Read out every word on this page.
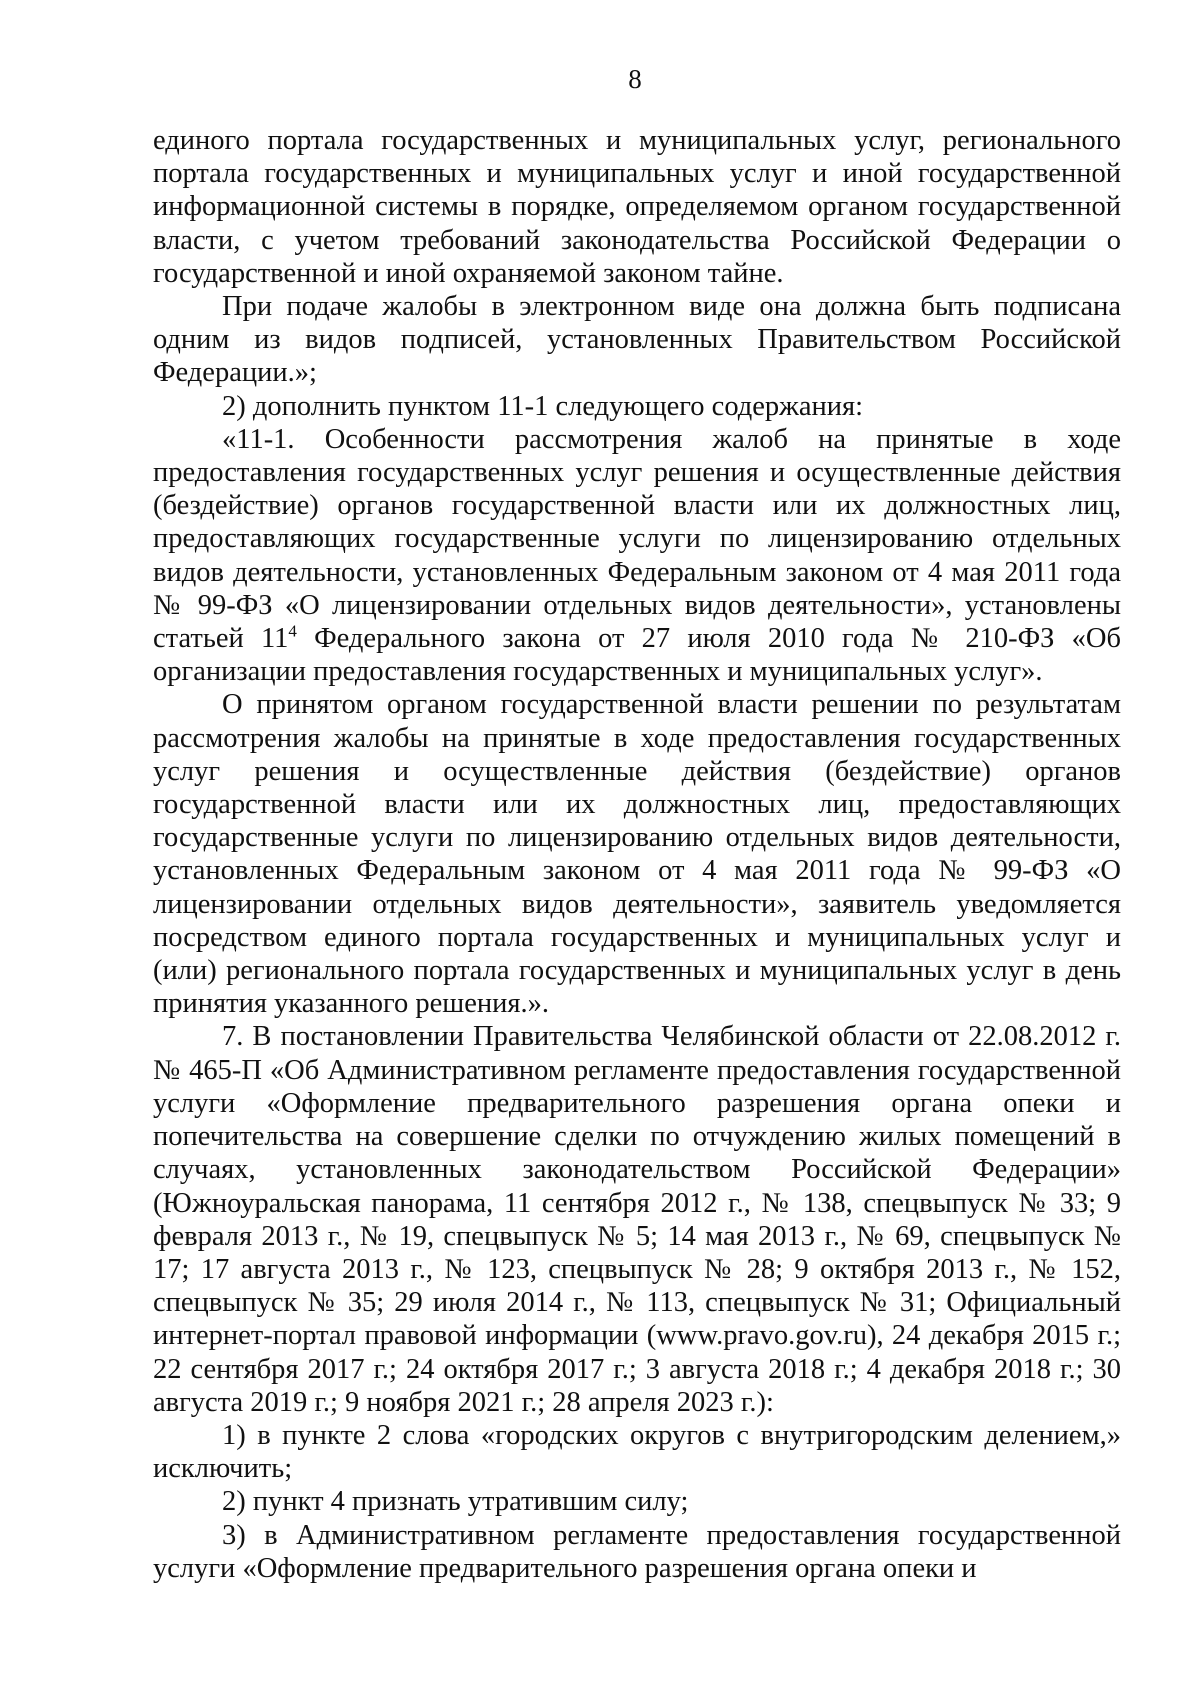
8

единого портала государственных и муниципальных услуг, регионального портала государственных и муниципальных услуг и иной государственной информационной системы в порядке, определяемом органом государственной власти, с учетом требований законодательства Российской Федерации о государственной и иной охраняемой законом тайне.

При подаче жалобы в электронном виде она должна быть подписана одним из видов подписей, установленных Правительством Российской Федерации.»;

2) дополнить пунктом 11-1 следующего содержания:

«11-1. Особенности рассмотрения жалоб на принятые в ходе предоставления государственных услуг решения и осуществленные действия (бездействие) органов государственной власти или их должностных лиц, предоставляющих государственные услуги по лицензированию отдельных видов деятельности, установленных Федеральным законом от 4 мая 2011 года № 99-ФЗ «О лицензировании отдельных видов деятельности», установлены статьей $11^4$ Федерального закона от 27 июля 2010 года № 210-ФЗ «Об организации предоставления государственных и муниципальных услуг».

О принятом органом государственной власти решении по результатам рассмотрения жалобы на принятые в ходе предоставления государственных услуг решения и осуществленные действия (бездействие) органов государственной власти или их должностных лиц, предоставляющих государственные услуги по лицензированию отдельных видов деятельности, установленных Федеральным законом от 4 мая 2011 года № 99-ФЗ «О лицензировании отдельных видов деятельности», заявитель уведомляется посредством единого портала государственных и муниципальных услуг и (или) регионального портала государственных и муниципальных услуг в день принятия указанного решения.».

7. В постановлении Правительства Челябинской области от 22.08.2012 г. № 465-П «Об Административном регламенте предоставления государственной услуги «Оформление предварительного разрешения органа опеки и попечительства на совершение сделки по отчуждению жилых помещений в случаях, установленных законодательством Российской Федерации» (Южноуральская панорама, 11 сентября 2012 г., № 138, спецвыпуск № 33; 9 февраля 2013 г., № 19, спецвыпуск № 5; 14 мая 2013 г., № 69, спецвыпуск № 17; 17 августа 2013 г., № 123, спецвыпуск № 28; 9 октября 2013 г., № 152, спецвыпуск № 35; 29 июля 2014 г., № 113, спецвыпуск № 31; Официальный интернет-портал правовой информации (www.pravo.gov.ru), 24 декабря 2015 г.; 22 сентября 2017 г.; 24 октября 2017 г.; 3 августа 2018 г.; 4 декабря 2018 г.; 30 августа 2019 г.; 9 ноября 2021 г.; 28 апреля 2023 г.):

1) в пункте 2 слова «городских округов с внутригородским делением,» исключить;

2) пункт 4 признать утратившим силу;

3) в Административном регламенте предоставления государственной услуги «Оформление предварительного разрешения органа опеки и
